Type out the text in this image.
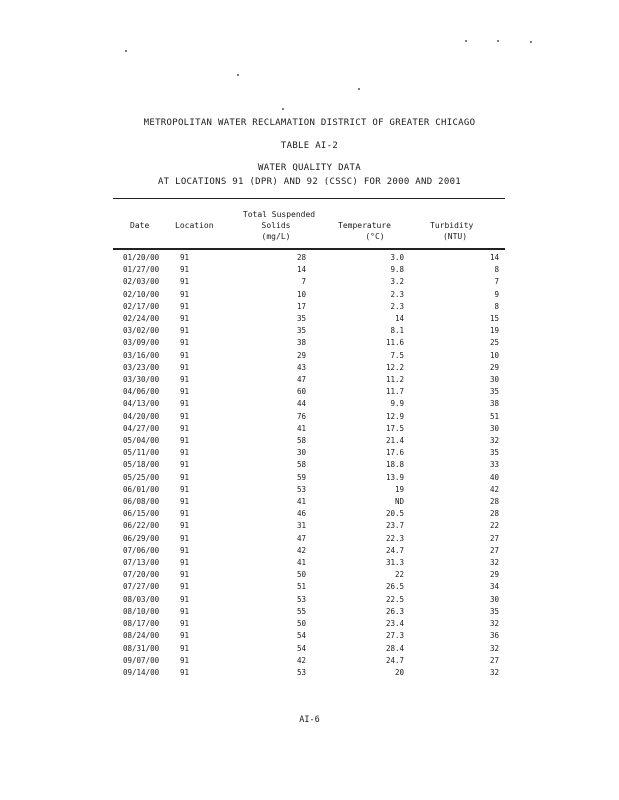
METROPOLITAN WATER RECLAMATION DISTRICT OF GREATER CHICAGO
TABLE AI-2
WATER QUALITY DATA
AT LOCATIONS 91 (DPR) AND 92 (CSSC) FOR 2000 AND 2001
Total Suspended
Date	Location	Solids	Temperature	Turbidity
(mg/L)	(°C)	(NTU)
01/20/00	91	28	3.0	14
01/27/00	91	14	9.8	8
02/03/00	91	7	3.2	7
02/10/00	91	10	2.3	9
02/17/00	91	17	2.3	8
02/24/00	91	35	14	15
03/02/00	91	35	8.1	19
03/09/00	91	38	11.6	25
03/16/00	91	29	7.5	10
03/23/00	91	43	12.2	29
03/30/00	91	47	11.2	30
04/06/00	91	60	11.7	35
04/13/00	91	44	9.9	38
04/20/00	91	76	12.9	51
04/27/00	91	41	17.5	30
05/04/00	91	58	21.4	32
05/11/00	91	30	17.6	35
05/18/00	91	58	18.8	33
05/25/00	91	59	13.9	40
06/01/00	91	53	19	42
06/08/00	91	41	ND	28
06/15/00	91	46	20.5	28
06/22/00	91	31	23.7	22
06/29/00	91	47	22.3	27
07/06/00	91	42	24.7	27
07/13/00	91	41	31.3	32
07/20/00	91	50	22	29
07/27/00	91	51	26.5	34
08/03/00	91	53	22.5	30
08/10/00	91	55	26.3	35
08/17/00	91	50	23.4	32
08/24/00	91	54	27.3	36
08/31/00	91	54	28.4	32
09/07/00	91	42	24.7	27
09/14/00	91	53	20	32
AI-6
